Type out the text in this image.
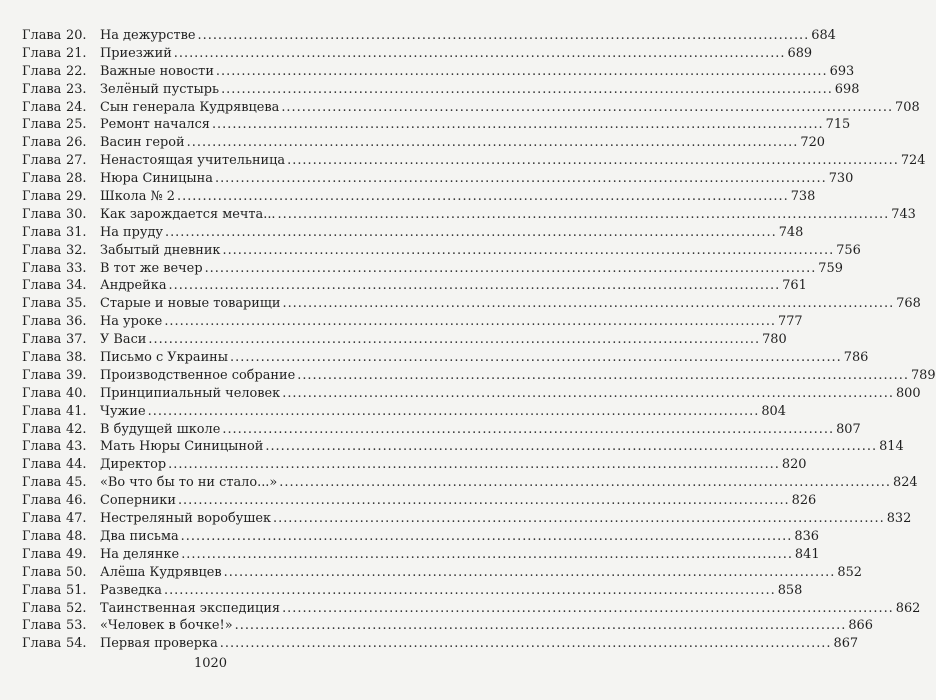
Глава 20.	На дежурстве .....	684
Глава 21.	Приезжий .....	689
Глава 22.	Важные новости .....	693
Глава 23.	Зелёный пустырь .....	698
Глава 24.	Сын генерала Кудрявцева .....	708
Глава 25.	Ремонт начался .....	715
Глава 26.	Васин герой .....	720
Глава 27.	Ненастоящая учительница .....	724
Глава 28.	Нюра Синицына .....	730
Глава 29.	Школа № 2 .....	738
Глава 30.	Как зарождается мечта... .....	743
Глава 31.	На пруду .....	748
Глава 32.	Забытый дневник .....	756
Глава 33.	В тот же вечер .....	759
Глава 34.	Андрейка .....	761
Глава 35.	Старые и новые товарищи .....	768
Глава 36.	На уроке .....	777
Глава 37.	У Васи .....	780
Глава 38.	Письмо с Украины .....	786
Глава 39.	Производственное собрание .....	789
Глава 40.	Принципиальный человек .....	800
Глава 41.	Чужие .....	804
Глава 42.	В будущей школе .....	807
Глава 43.	Мать Нюры Синицыной .....	814
Глава 44.	Директор .....	820
Глава 45.	«Во что бы то ни стало...» .....	824
Глава 46.	Соперники .....	826
Глава 47.	Нестреляный воробушек .....	832
Глава 48.	Два письма .....	836
Глава 49.	На делянке .....	841
Глава 50.	Алёша Кудрявцев .....	852
Глава 51.	Разведка .....	858
Глава 52.	Таинственная экспедиция .....	862
Глава 53.	«Человек в бочке!» .....	866
Глава 54.	Первая проверка .....	867
1020
